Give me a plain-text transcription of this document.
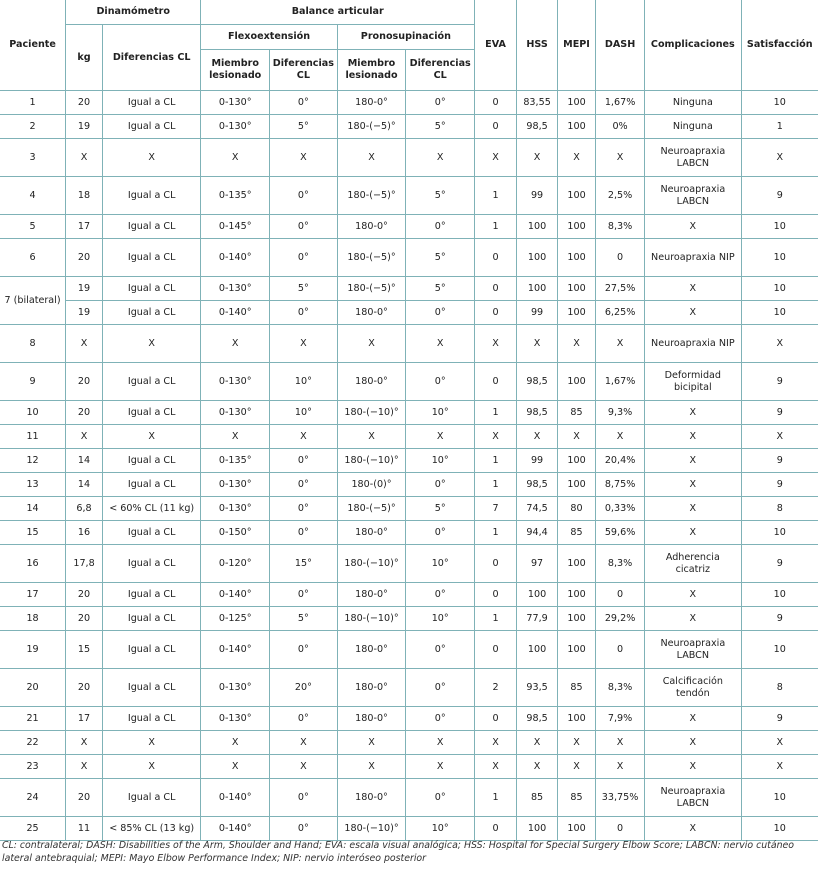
Paciente	Dinamómetro		Balance articular				EVA	HSS	MEPI	DASH	Complicaciones	Satisfacción
	kg	Diferencias CL	Flexoextensión		Pronosupinación							
			Miembro lesionado	Diferencias CL	Miembro lesionado	Diferencias CL						
1	20	Igual a CL	0-130°	0°	180-0°	0°	0	83,55	100	1,67%	Ninguna	10
2	19	Igual a CL	0-130°	5°	180-(−5)°	5°	0	98,5	100	0%	Ninguna	1
3	X	X	X	X	X	X	X	X	X	X	Neuroapraxia LABCN	X
4	18	Igual a CL	0-135°	0°	180-(−5)°	5°	1	99	100	2,5%	Neuroapraxia LABCN	9
5	17	Igual a CL	0-145°	0°	180-0°	0°	1	100	100	8,3%	X	10
6	20	Igual a CL	0-140°	0°	180-(−5)°	5°	0	100	100	0	Neuroapraxia NIP	10
7 (bilateral)	19	Igual a CL	0-130°	5°	180-(−5)°	5°	0	100	100	27,5%	X	10
	19	Igual a CL	0-140°	0°	180-0°	0°	0	99	100	6,25%	X	10
8	X	X	X	X	X	X	X	X	X	X	Neuroapraxia NIP	X
9	20	Igual a CL	0-130°	10°	180-0°	0°	0	98,5	100	1,67%	Deformidad bicipital	9
10	20	Igual a CL	0-130°	10°	180-(−10)°	10°	1	98,5	85	9,3%	X	9
11	X	X	X	X	X	X	X	X	X	X	X	X
12	14	Igual a CL	0-135°	0°	180-(−10)°	10°	1	99	100	20,4%	X	9
13	14	Igual a CL	0-130°	0°	180-(0)°	0°	1	98,5	100	8,75%	X	9
14	6,8	< 60% CL (11 kg)	0-130°	0°	180-(−5)°	5°	7	74,5	80	0,33%	X	8
15	16	Igual a CL	0-150°	0°	180-0°	0°	1	94,4	85	59,6%	X	10
16	17,8	Igual a CL	0-120°	15°	180-(−10)°	10°	0	97	100	8,3%	Adherencia cicatriz	9
17	20	Igual a CL	0-140°	0°	180-0°	0°	0	100	100	0	X	10
18	20	Igual a CL	0-125°	5°	180-(−10)°	10°	1	77,9	100	29,2%	X	9
19	15	Igual a CL	0-140°	0°	180-0°	0°	0	100	100	0	Neuroapraxia LABCN	10
20	20	Igual a CL	0-130°	20°	180-0°	0°	2	93,5	85	8,3%	Calcificación tendón	8
21	17	Igual a CL	0-130°	0°	180-0°	0°	0	98,5	100	7,9%	X	9
22	X	X	X	X	X	X	X	X	X	X	X	X
23	X	X	X	X	X	X	X	X	X	X	X	X
24	20	Igual a CL	0-140°	0°	180-0°	0°	1	85	85	33,75%	Neuroapraxia LABCN	10
25	11	< 85% CL (13 kg)	0-140°	0°	180-(−10)°	10°	0	100	100	0	X	10
CL: contralateral; DASH: Disabilities of the Arm, Shoulder and Hand; EVA: escala visual analógica; HSS: Hospital for Special Surgery Elbow Score; LABCN: nervio cutáneo lateral antebraquial; MEPI: Mayo Elbow Performance Index; NIP: nervio interóseo posterior
